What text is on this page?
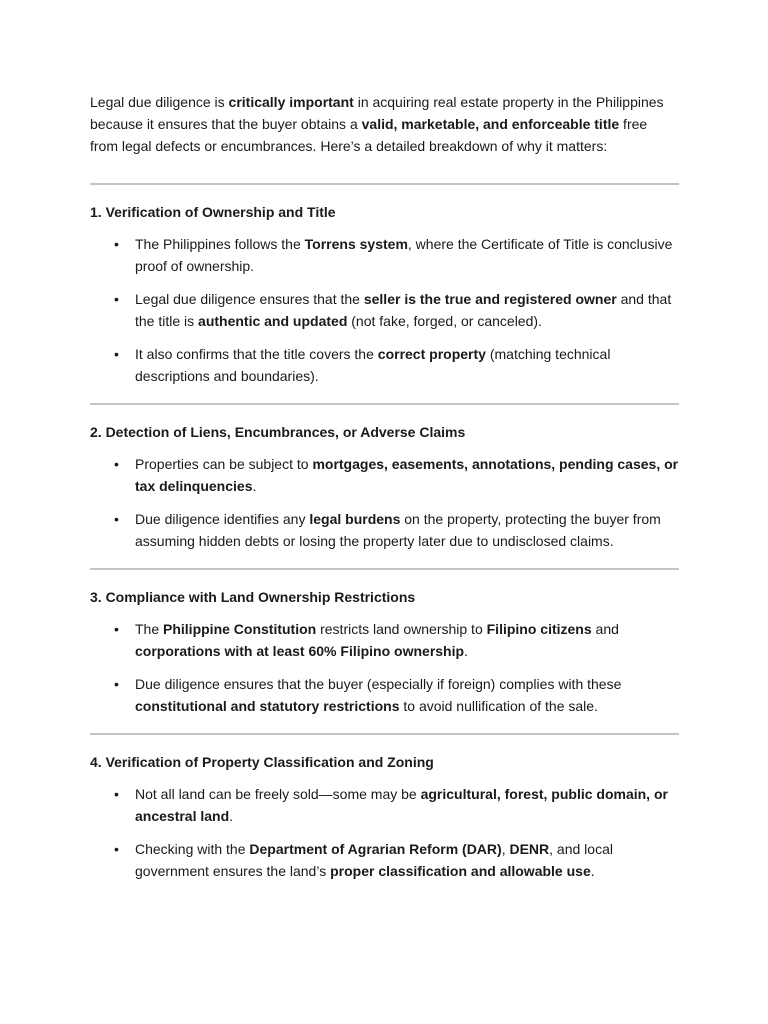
Legal due diligence is critically important in acquiring real estate property in the Philippines because it ensures that the buyer obtains a valid, marketable, and enforceable title free from legal defects or encumbrances. Here’s a detailed breakdown of why it matters:

1. Verification of Ownership and Title

• The Philippines follows the Torrens system, where the Certificate of Title is conclusive proof of ownership.
• Legal due diligence ensures that the seller is the true and registered owner and that the title is authentic and updated (not fake, forged, or canceled).
• It also confirms that the title covers the correct property (matching technical descriptions and boundaries).

2. Detection of Liens, Encumbrances, or Adverse Claims

• Properties can be subject to mortgages, easements, annotations, pending cases, or tax delinquencies.
• Due diligence identifies any legal burdens on the property, protecting the buyer from assuming hidden debts or losing the property later due to undisclosed claims.

3. Compliance with Land Ownership Restrictions

• The Philippine Constitution restricts land ownership to Filipino citizens and corporations with at least 60% Filipino ownership.
• Due diligence ensures that the buyer (especially if foreign) complies with these constitutional and statutory restrictions to avoid nullification of the sale.

4. Verification of Property Classification and Zoning

• Not all land can be freely sold—some may be agricultural, forest, public domain, or ancestral land.
• Checking with the Department of Agrarian Reform (DAR), DENR, and local government ensures the land’s proper classification and allowable use.
